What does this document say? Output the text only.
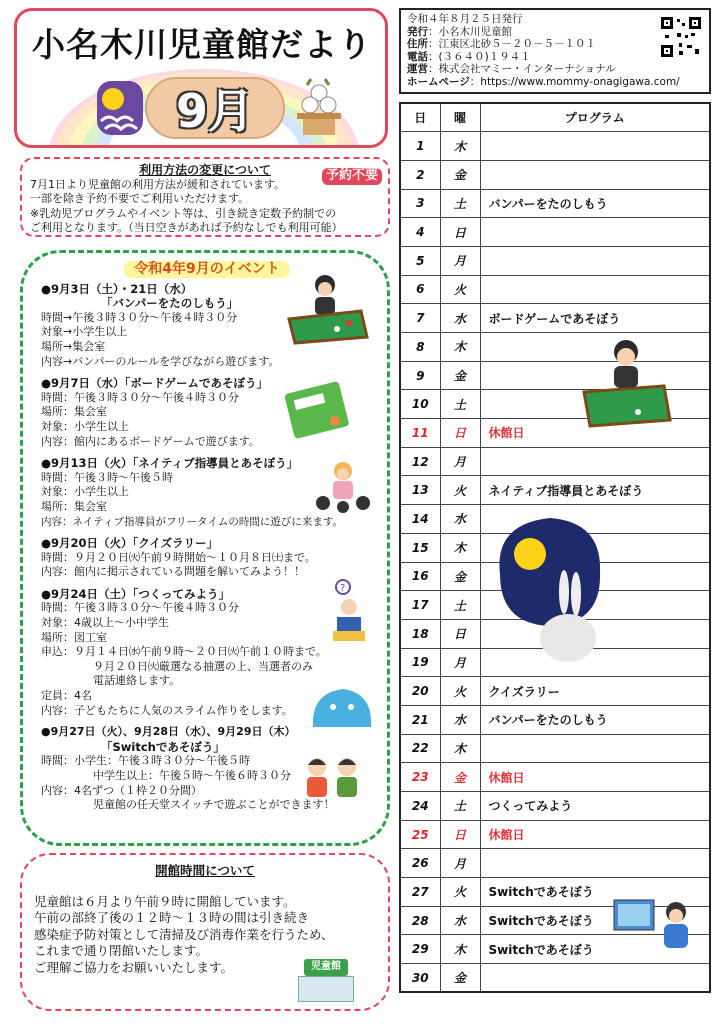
小名木川児童館だより
9月
令和４年８月２５日発行
発行：小名木川児童館
住所：江東区北砂５－２０－５－１０１
電話：(３６４０)１９４１
運営：株式会社マミー・インターナショナル
ホームページ：https://www.mommy-onagigawa.com/
利用方法の変更について	予約不要
7月1日より児童館の利用方法が緩和されています。
一部を除き予約不要でご利用いただけます。
※乳幼児プログラムやイベント等は、引き続き定数予約制での
ご利用となります。（当日空きがあれば予約なしでも利用可能）
令和4年9月のイベント
●9月3日（土）・21日（水）
「バンパーをたのしもう」
時間→午後３時３０分～午後４時３０分
対象→小学生以上
場所→集会室
内容→バンパーのルールを学びながら遊びます。
●9月7日（水）「ボードゲームであそぼう」
時間：午後３時３０分～午後４時３０分
場所：集会室
対象：小学生以上
内容：館内にあるボードゲームで遊びます。
●9月13日（火）「ネイティブ指導員とあそぼう」
時間：午後３時～午後５時
対象：小学生以上
場所：集会室
内容：ネイティブ指導員がフリータイムの時間に遊びに来ます。
●9月20日（火）「クイズラリー」
時間：９月２０日㈫午前９時開始～１０月８日㈯まで。
内容：館内に掲示されている問題を解いてみよう！！
●9月24日（土）「つくってみよう」
時間：午後３時３０分～午後４時３０分
対象：4歳以上～小中学生
場所：図工室
申込：９月１４日㈬午前９時～２０日㈫午前１０時まで。
９月２０日㈫厳選なる抽選の上、当選者のみ
電話連絡します。
定員：4名
内容：子どもたちに人気のスライム作りをします。
●9月27日（火）、9月28日（水）、9月29日（木）
「Switchであそぼう」
時間：小学生：午後３時３０分～午後５時
中学生以上：午後５時～午後６時３０分
内容：4名ずつ（１枠２０分間）
児童館の任天堂スイッチで遊ぶことができます！
?
開館時間について
児童館は６月より午前９時に開館しています。
午前の部終了後の１２時～１３時の間は引き続き
感染症予防対策として清掃及び消毒作業を行うため、
これまで通り閉館いたします。
ご理解ご協力をお願いいたします。	児童館
日	曜	プログラム
1	木	
2	金	
3	土	バンパーをたのしもう
4	日	
5	月	
6	火	
7	水	ボードゲームであそぼう
8	木	
9	金	
10	土	
11	日	休館日
12	月	
13	火	ネイティブ指導員とあそぼう
14	水	
15	木	
16	金	
17	土	
18	日	
19	月	
20	火	クイズラリー
21	水	バンパーをたのしもう
22	木	
23	金	休館日
24	土	つくってみよう
25	日	休館日
26	月	
27	火	Switchであそぼう
28	水	Switchであそぼう
29	木	Switchであそぼう
30	金	
